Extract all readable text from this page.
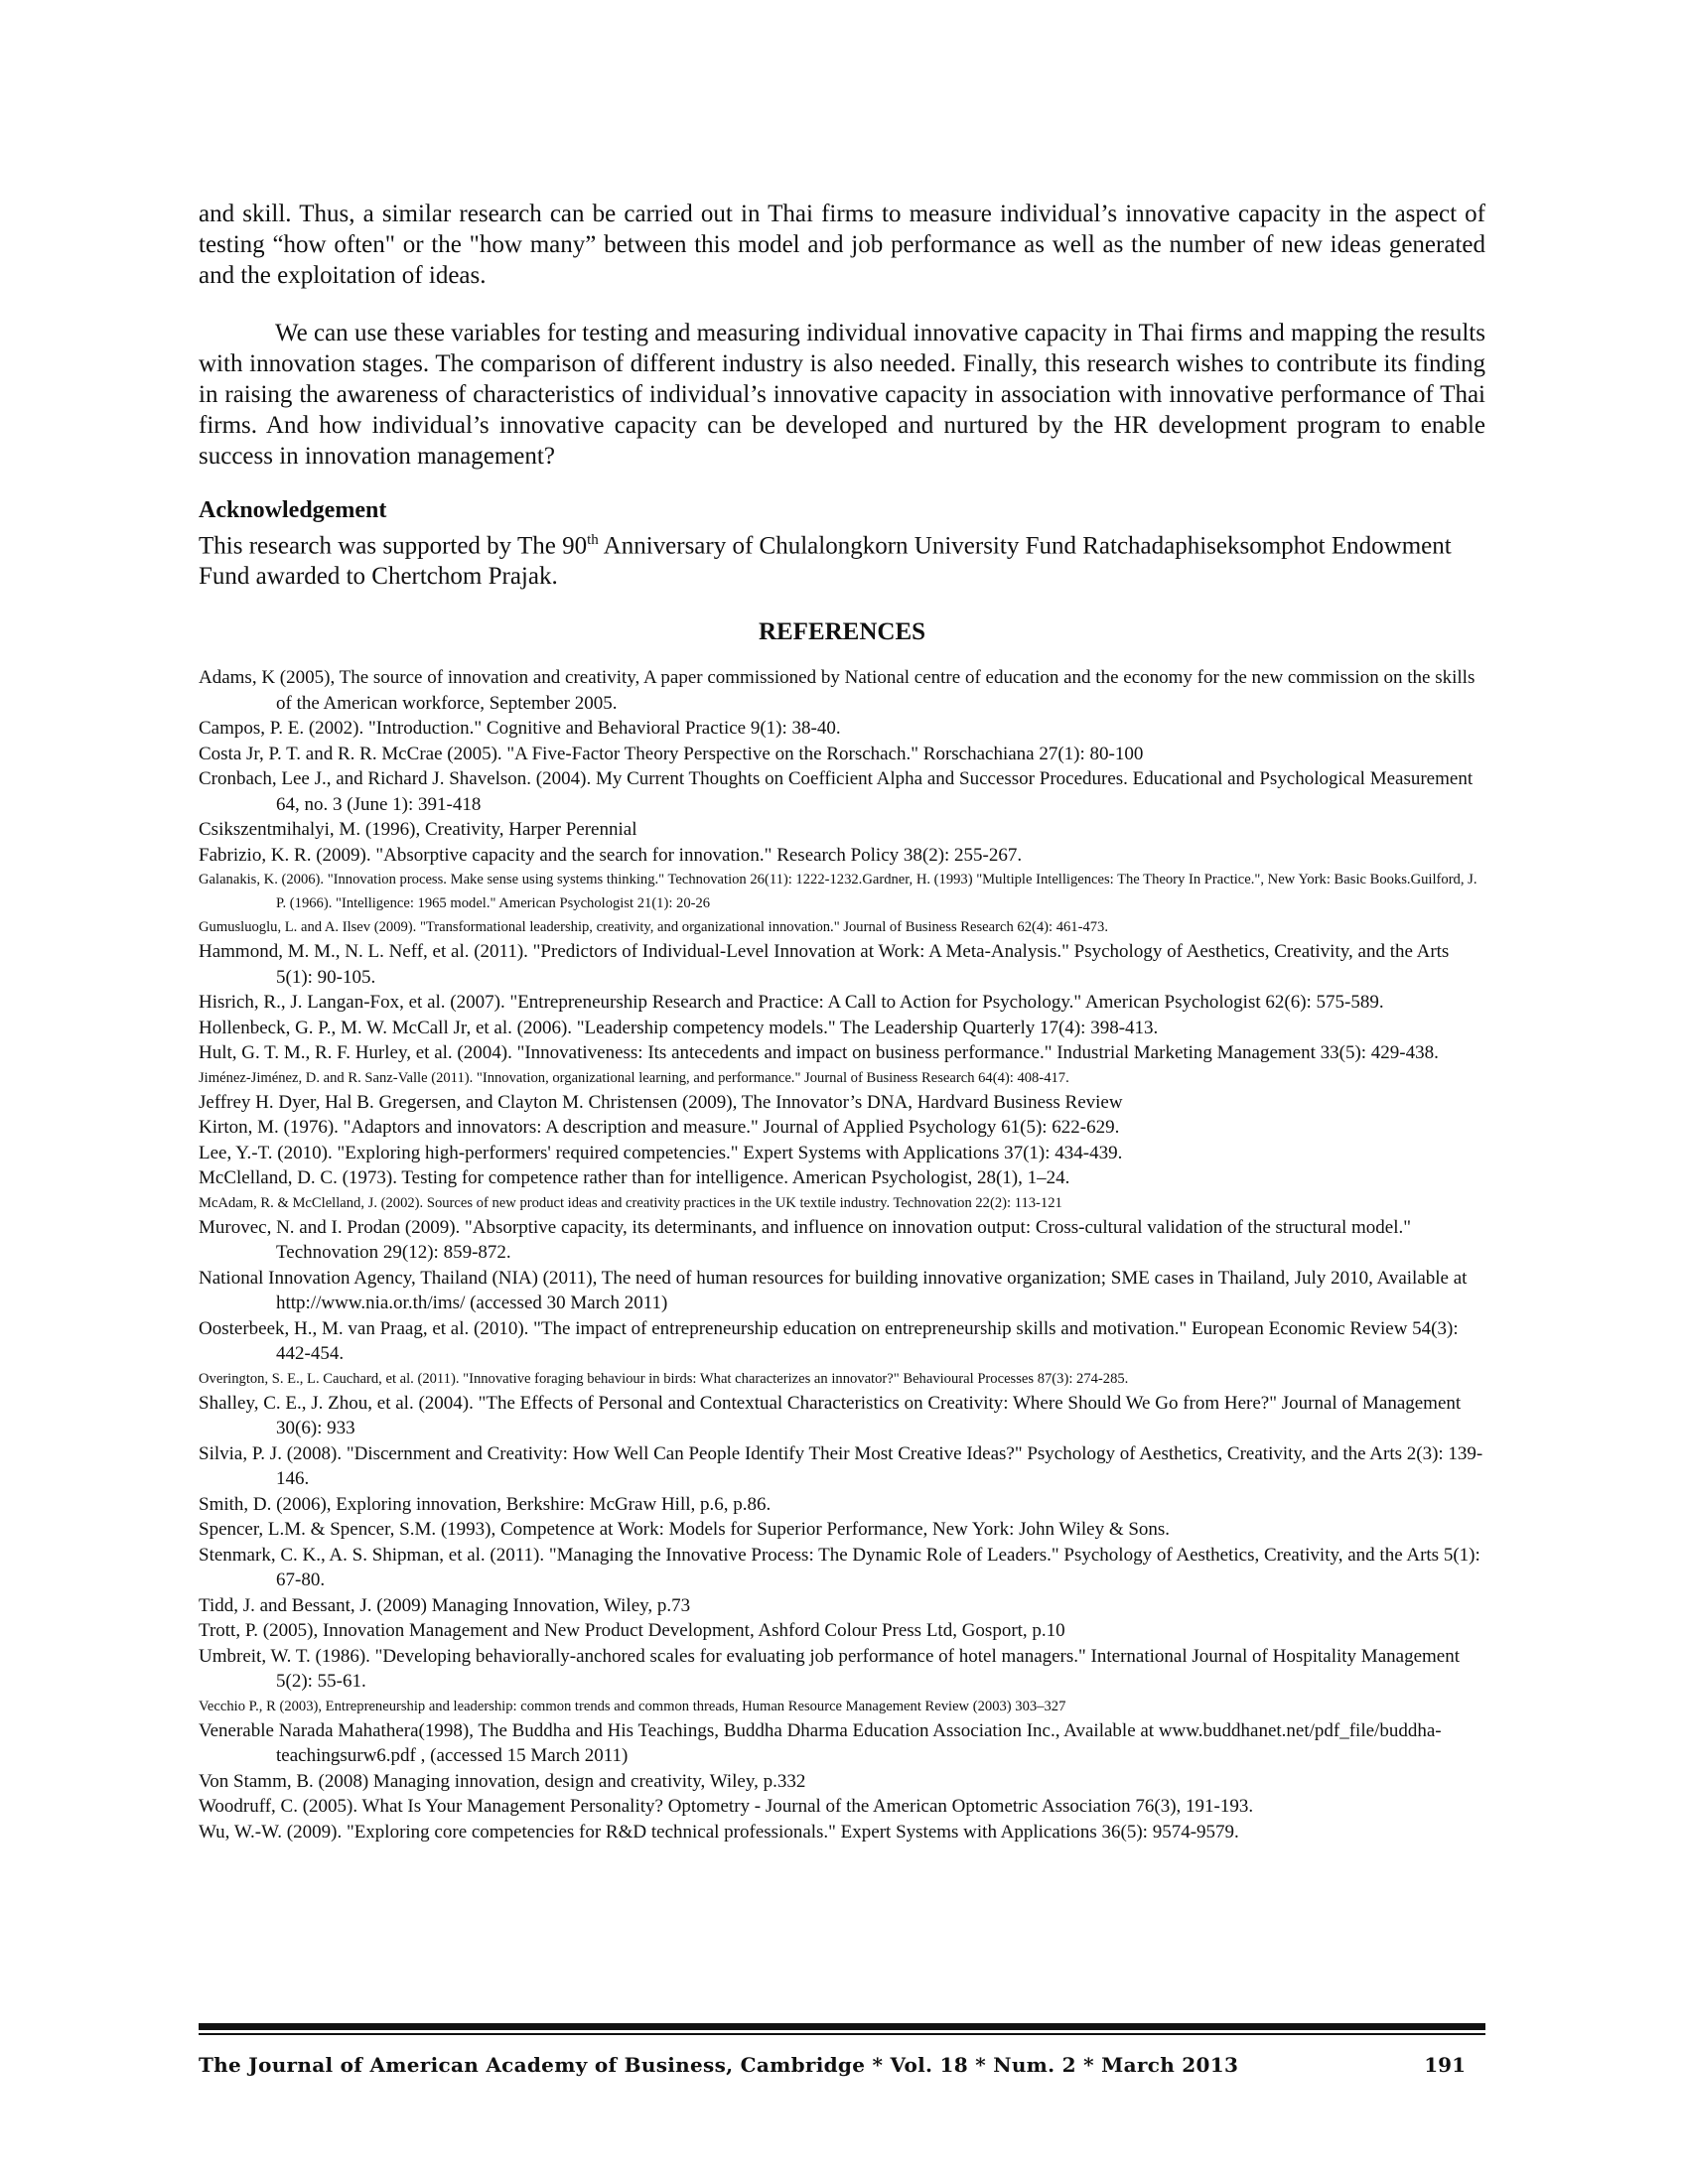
and skill. Thus, a similar research can be carried out in Thai firms to measure individual’s innovative capacity in the aspect of testing “how often" or the "how many” between this model and job performance as well as the number of new ideas generated and the exploitation of ideas.

We can use these variables for testing and measuring individual innovative capacity in Thai firms and mapping the results with innovation stages. The comparison of different industry is also needed. Finally, this research wishes to contribute its finding in raising the awareness of characteristics of individual’s innovative capacity in association with innovative performance of Thai firms. And how individual’s innovative capacity can be developed and nurtured by the HR development program to enable success in innovation management?

Acknowledgement

This research was supported by The 90th Anniversary of Chulalongkorn University Fund Ratchadaphiseksomphot Endowment Fund awarded to Chertchom Prajak.

REFERENCES
Adams, K (2005), The source of innovation and creativity, A paper commissioned by National centre of education and the economy for the new commission on the skills of the American workforce, September 2005.
Campos, P. E. (2002). "Introduction." Cognitive and Behavioral Practice 9(1): 38-40.
Costa Jr, P. T. and R. R. McCrae (2005). "A Five-Factor Theory Perspective on the Rorschach." Rorschachiana 27(1): 80-100
Cronbach, Lee J., and Richard J. Shavelson. (2004). My Current Thoughts on Coefficient Alpha and Successor Procedures. Educational and Psychological Measurement 64, no. 3 (June 1): 391-418
Csikszentmihalyi, M. (1996), Creativity, Harper Perennial
Fabrizio, K. R. (2009). "Absorptive capacity and the search for innovation." Research Policy 38(2): 255-267.
Galanakis, K. (2006). "Innovation process. Make sense using systems thinking." Technovation 26(11): 1222-1232.Gardner, H. (1993) "Multiple Intelligences: The Theory In Practice.", New York: Basic Books.Guilford, J. P. (1966). "Intelligence: 1965 model." American Psychologist 21(1): 20-26
Gumusluoglu, L. and A. Ilsev (2009). "Transformational leadership, creativity, and organizational innovation." Journal of Business Research 62(4): 461-473.
Hammond, M. M., N. L. Neff, et al. (2011). "Predictors of Individual-Level Innovation at Work: A Meta-Analysis." Psychology of Aesthetics, Creativity, and the Arts 5(1): 90-105.
Hisrich, R., J. Langan-Fox, et al. (2007). "Entrepreneurship Research and Practice: A Call to Action for Psychology." American Psychologist 62(6): 575-589.
Hollenbeck, G. P., M. W. McCall Jr, et al. (2006). "Leadership competency models." The Leadership Quarterly 17(4): 398-413.
Hult, G. T. M., R. F. Hurley, et al. (2004). "Innovativeness: Its antecedents and impact on business performance." Industrial Marketing Management 33(5): 429-438.
Jiménez-Jiménez, D. and R. Sanz-Valle (2011). "Innovation, organizational learning, and performance." Journal of Business Research 64(4): 408-417.
Jeffrey H. Dyer, Hal B. Gregersen, and Clayton M. Christensen (2009), The Innovator’s DNA, Hardvard Business Review
Kirton, M. (1976). "Adaptors and innovators: A description and measure." Journal of Applied Psychology 61(5): 622-629.
Lee, Y.-T. (2010). "Exploring high-performers' required competencies." Expert Systems with Applications 37(1): 434-439.
McClelland, D. C. (1973). Testing for competence rather than for intelligence. American Psychologist, 28(1), 1–24.
McAdam, R. & McClelland, J. (2002). Sources of new product ideas and creativity practices in the UK textile industry. Technovation 22(2): 113-121
Murovec, N. and I. Prodan (2009). "Absorptive capacity, its determinants, and influence on innovation output: Cross-cultural validation of the structural model." Technovation 29(12): 859-872.
National Innovation Agency, Thailand (NIA) (2011), The need of human resources for building innovative organization; SME cases in Thailand, July 2010, Available at http://www.nia.or.th/ims/ (accessed 30 March 2011)
Oosterbeek, H., M. van Praag, et al. (2010). "The impact of entrepreneurship education on entrepreneurship skills and motivation." European Economic Review 54(3): 442-454.
Overington, S. E., L. Cauchard, et al. (2011). "Innovative foraging behaviour in birds: What characterizes an innovator?" Behavioural Processes 87(3): 274-285.
Shalley, C. E., J. Zhou, et al. (2004). "The Effects of Personal and Contextual Characteristics on Creativity: Where Should We Go from Here?" Journal of Management 30(6): 933
Silvia, P. J. (2008). "Discernment and Creativity: How Well Can People Identify Their Most Creative Ideas?" Psychology of Aesthetics, Creativity, and the Arts 2(3): 139-146.
Smith, D. (2006), Exploring innovation, Berkshire: McGraw Hill, p.6, p.86.
Spencer, L.M. & Spencer, S.M. (1993), Competence at Work: Models for Superior Performance, New York: John Wiley & Sons.
Stenmark, C. K., A. S. Shipman, et al. (2011). "Managing the Innovative Process: The Dynamic Role of Leaders." Psychology of Aesthetics, Creativity, and the Arts 5(1): 67-80.
Tidd, J. and Bessant, J. (2009) Managing Innovation, Wiley, p.73
Trott, P. (2005), Innovation Management and New Product Development, Ashford Colour Press Ltd, Gosport, p.10
Umbreit, W. T. (1986). "Developing behaviorally-anchored scales for evaluating job performance of hotel managers." International Journal of Hospitality Management 5(2): 55-61.
Vecchio P., R (2003), Entrepreneurship and leadership: common trends and common threads, Human Resource Management Review (2003) 303–327
Venerable Narada Mahathera(1998), The Buddha and His Teachings, Buddha Dharma Education Association Inc., Available at www.buddhanet.net/pdf_file/buddha-teachingsurw6.pdf , (accessed 15 March 2011)
Von Stamm, B. (2008) Managing innovation, design and creativity, Wiley, p.332
Woodruff, C. (2005). What Is Your Management Personality? Optometry - Journal of the American Optometric Association 76(3), 191-193.
Wu, W.-W. (2009). "Exploring core competencies for R&D technical professionals." Expert Systems with Applications 36(5): 9574-9579.
The Journal of American Academy of Business, Cambridge * Vol. 18 * Num. 2 * March 2013	191
